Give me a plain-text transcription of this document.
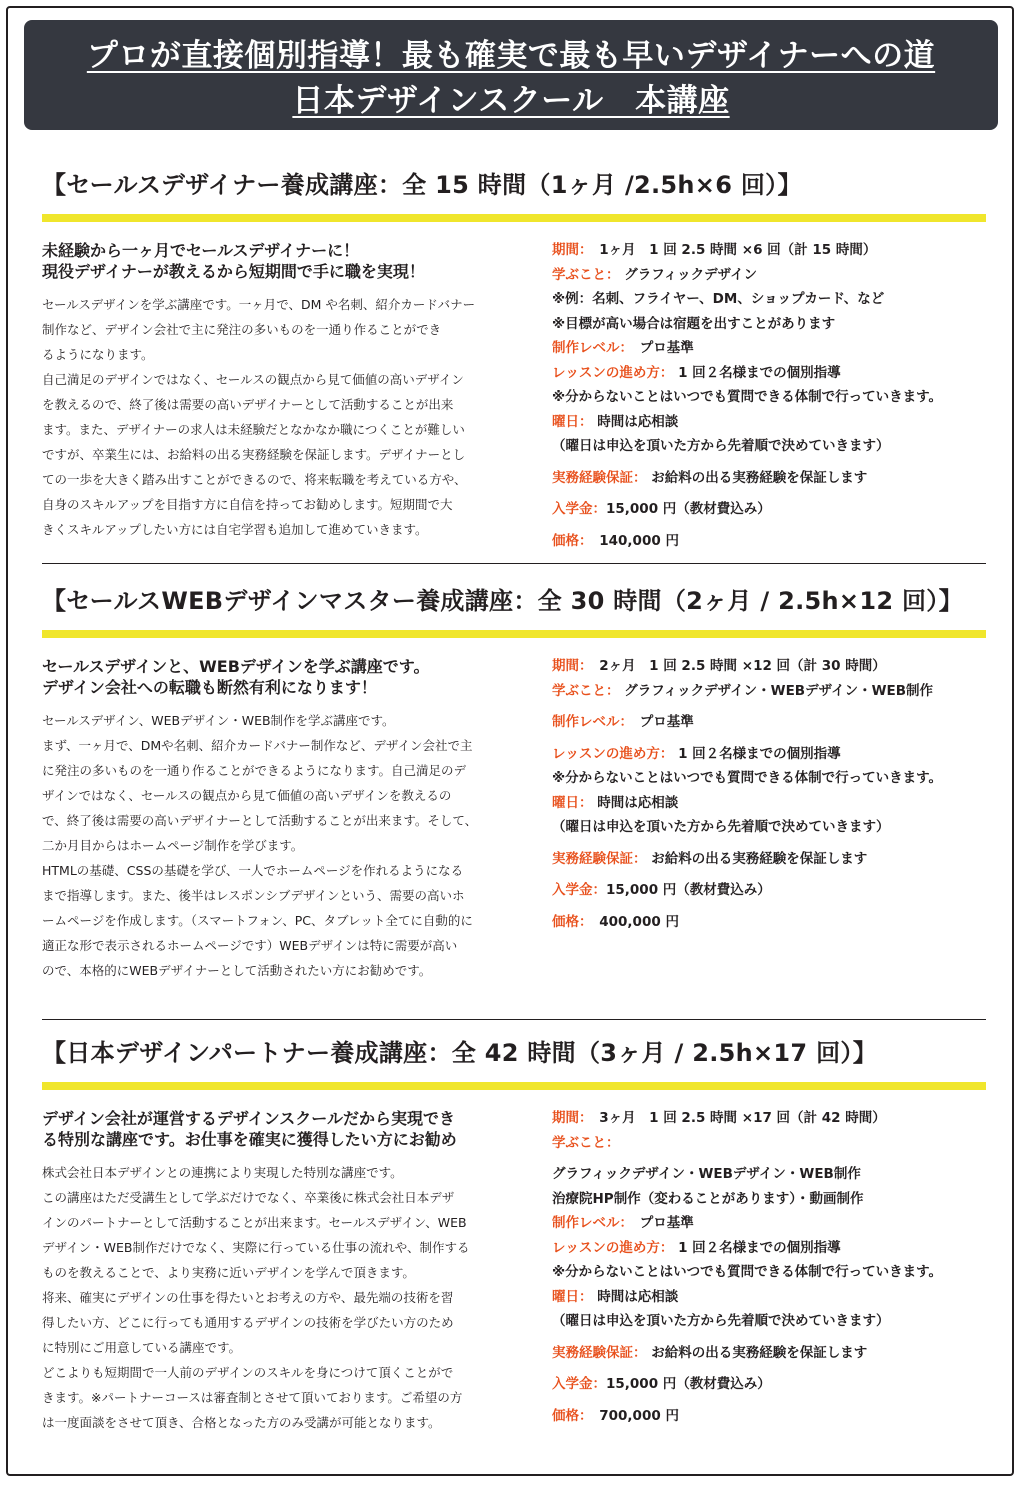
プロが直接個別指導！最も確実で最も早いデザイナーへの道
日本デザインスクール　本講座
【セールスデザイナー養成講座：全 15 時間（1ヶ月 /2.5h×6 回）】
未経験から一ヶ月でセールスデザイナーに！
現役デザイナーが教えるから短期間で手に職を実現！
セールスデザインを学ぶ講座です。一ヶ月で、DM や名刺、紹介カードバナー
制作など、デザイン会社で主に発注の多いものを一通り作ることができ
るようになります。
自己満足のデザインではなく、セールスの観点から見て価値の高いデザイン
を教えるので、終了後は需要の高いデザイナーとして活動することが出来
ます。また、デザイナーの求人は未経験だとなかなか職につくことが難しい
ですが、卒業生には、お給料の出る実務経験を保証します。デザイナーとし
ての一歩を大きく踏み出すことができるので、将来転職を考えている方や、
自身のスキルアップを目指す方に自信を持ってお勧めします。短期間で大
きくスキルアップしたい方には自宅学習も追加して進めていきます。
期間：　1ヶ月　1 回 2.5 時間 ×6 回（計 15 時間）
学ぶこと： グラフィックデザイン
※例：名刺、フライヤー、DM、ショップカード、など
※目標が高い場合は宿題を出すことがあります
制作レベル：　プロ基準
レッスンの進め方： 1 回２名様までの個別指導
※分からないことはいつでも質問できる体制で行っていきます。
曜日： 時間は応相談
（曜日は申込を頂いた方から先着順で決めていきます）
実務経験保証： お給料の出る実務経験を保証します
入学金：15,000 円（教材費込み）
価格：　140,000 円
【セールスWEBデザインマスター養成講座：全 30 時間（2ヶ月 / 2.5h×12 回）】
セールスデザインと、WEBデザインを学ぶ講座です。
デザイン会社への転職も断然有利になります！
セールスデザイン、WEBデザイン・WEB制作を学ぶ講座です。
まず、一ヶ月で、DMや名刺、紹介カードバナー制作など、デザイン会社で主
に発注の多いものを一通り作ることができるようになります。自己満足のデ
ザインではなく、セールスの観点から見て価値の高いデザインを教えるの
で、終了後は需要の高いデザイナーとして活動することが出来ます。そして、
二か月目からはホームページ制作を学びます。
HTMLの基礎、CSSの基礎を学び、一人でホームページを作れるようになる
まで指導します。また、後半はレスポンシブデザインという、需要の高いホ
ームページを作成します。（スマートフォン、PC、タブレット全てに自動的に
適正な形で表示されるホームページです）WEBデザインは特に需要が高い
ので、本格的にWEBデザイナーとして活動されたい方にお勧めです。
期間：　2ヶ月　1 回 2.5 時間 ×12 回（計 30 時間）
学ぶこと： グラフィックデザイン・WEBデザイン・WEB制作
制作レベル：　プロ基準
レッスンの進め方： 1 回２名様までの個別指導
※分からないことはいつでも質問できる体制で行っていきます。
曜日： 時間は応相談
（曜日は申込を頂いた方から先着順で決めていきます）
実務経験保証： お給料の出る実務経験を保証します
入学金：15,000 円（教材費込み）
価格：　400,000 円
【日本デザインパートナー養成講座：全 42 時間（3ヶ月 / 2.5h×17 回）】
デザイン会社が運営するデザインスクールだから実現でき
る特別な講座です。お仕事を確実に獲得したい方にお勧め
株式会社日本デザインとの連携により実現した特別な講座です。
この講座はただ受講生として学ぶだけでなく、卒業後に株式会社日本デザ
インのパートナーとして活動することが出来ます。セールスデザイン、WEB
デザイン・WEB制作だけでなく、実際に行っている仕事の流れや、制作する
ものを教えることで、より実務に近いデザインを学んで頂きます。
将来、確実にデザインの仕事を得たいとお考えの方や、最先端の技術を習
得したい方、どこに行っても通用するデザインの技術を学びたい方のため
に特別にご用意している講座です。
どこよりも短期間で一人前のデザインのスキルを身につけて頂くことがで
きます。※パートナーコースは審査制とさせて頂いております。ご希望の方
は一度面談をさせて頂き、合格となった方のみ受講が可能となります。
期間：　3ヶ月　1 回 2.5 時間 ×17 回（計 42 時間）
学ぶこと：
グラフィックデザイン・WEBデザイン・WEB制作
治療院HP制作（変わることがあります）・動画制作
制作レベル：　プロ基準
レッスンの進め方： 1 回２名様までの個別指導
※分からないことはいつでも質問できる体制で行っていきます。
曜日： 時間は応相談
（曜日は申込を頂いた方から先着順で決めていきます）
実務経験保証： お給料の出る実務経験を保証します
入学金：15,000 円（教材費込み）
価格：　700,000 円
